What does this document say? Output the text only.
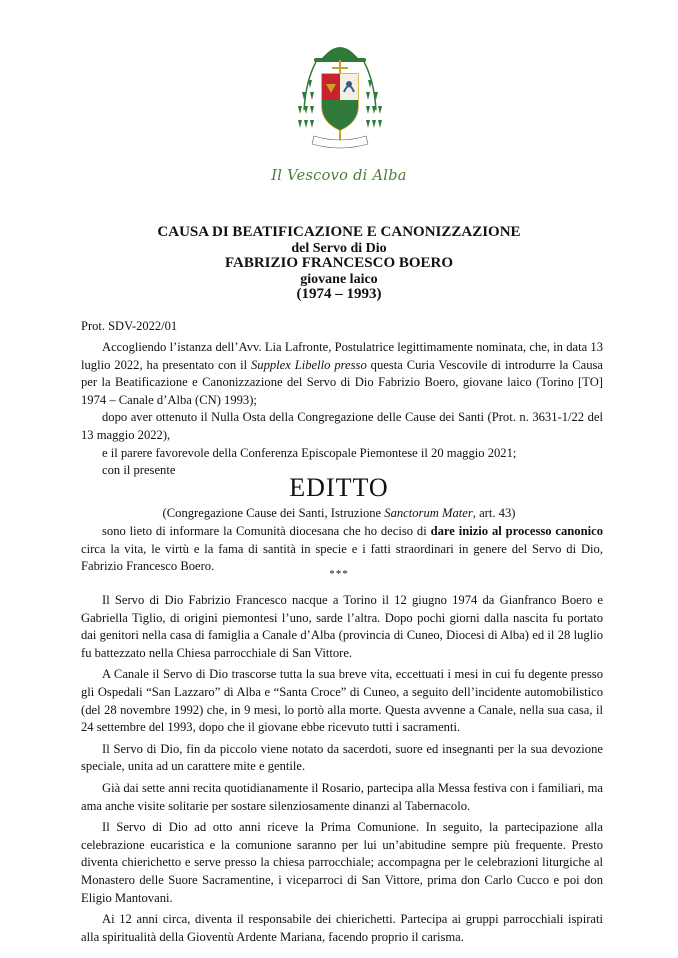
Il Vescovo di Alba
CAUSA DI BEATIFICAZIONE E CANONIZZAZIONE
del Servo di Dio
FABRIZIO FRANCESCO BOERO
giovane laico
(1974 – 1993)
Prot. SDV-2022/01

Accogliendo l’istanza dell’Avv. Lia Lafronte, Postulatrice legittimamente nominata, che, in data 13 luglio 2022, ha presentato con il Supplex Libello presso questa Curia Vescovile di introdurre la Causa per la Beatificazione e Canonizzazione del Servo di Dio Fabrizio Boero, giovane laico (Torino [TO] 1974 – Canale d’Alba (CN) 1993);

dopo aver ottenuto il Nulla Osta della Congregazione delle Cause dei Santi (Prot. n. 3631-1/22 del 13 maggio 2022),

e il parere favorevole della Conferenza Episcopale Piemontese il 20 maggio 2021;

con il presente

EDITTO
(Congregazione Cause dei Santi, Istruzione Sanctorum Mater, art. 43)

sono lieto di informare la Comunità diocesana che ho deciso di dare inizio al processo canonico circa la vita, le virtù e la fama di santità in specie e i fatti straordinari in genere del Servo di Dio, Fabrizio Francesco Boero.

***

Il Servo di Dio Fabrizio Francesco nacque a Torino il 12 giugno 1974 da Gianfranco Boero e Gabriella Tiglio, di origini piemontesi l’uno, sarde l’altra. Dopo pochi giorni dalla nascita fu portato dai genitori nella casa di famiglia a Canale d’Alba (provincia di Cuneo, Diocesi di Alba) ed il 28 luglio fu battezzato nella Chiesa parrocchiale di San Vittore.

A Canale il Servo di Dio trascorse tutta la sua breve vita, eccettuati i mesi in cui fu degente presso gli Ospedali “San Lazzaro” di Alba e “Santa Croce” di Cuneo, a seguito dell’incidente automobilistico (del 28 novembre 1992) che, in 9 mesi, lo portò alla morte. Questa avvenne a Canale, nella sua casa, il 24 settembre del 1993, dopo che il giovane ebbe ricevuto tutti i sacramenti.

Il Servo di Dio, fin da piccolo viene notato da sacerdoti, suore ed insegnanti per la sua devozione speciale, unita ad un carattere mite e gentile.

Già dai sette anni recita quotidianamente il Rosario, partecipa alla Messa festiva con i familiari, ma ama anche visite solitarie per sostare silenziosamente dinanzi al Tabernacolo.

Il Servo di Dio ad otto anni riceve la Prima Comunione. In seguito, la partecipazione alla celebrazione eucaristica e la comunione saranno per lui un’abitudine sempre più frequente. Presto diventa chierichetto e serve presso la chiesa parrocchiale; accompagna per le celebrazioni liturgiche al Monastero delle Suore Sacramentine, i viceparroci di San Vittore, prima don Carlo Cucco e poi don Eligio Mantovani.

Ai 12 anni circa, diventa il responsabile dei chierichetti. Partecipa ai gruppi parrocchiali ispirati alla spiritualità della Gioventù Ardente Mariana, facendo proprio il carisma.
